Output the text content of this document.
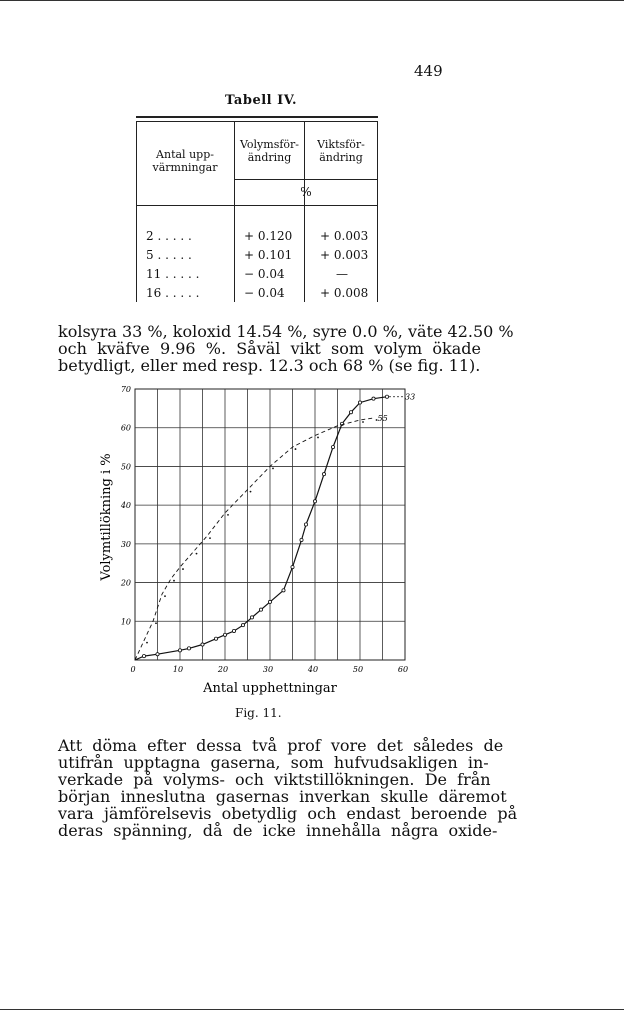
449
Tabell IV.
Antal upp-
värmningar
Volymsför-
ändring
Viktsför-
ändring
%
2 . . . . .	+ 0.120 + 0.003
5 . . . . .	+ 0.101 + 0.003
11 . . . . .	− 0.04	—
16 . . . . .	− 0.04	+ 0.008

kolsyra 33 %, koloxid 14.54 %, syre 0.0 %, väte 42.50 %
och  kväfve  9.96  %.  Såväl  vikt  som  volym  ökade
betydligt, eller med resp. 12.3 och 68 % (se fig. 11).

0	10	20	30	40	50	60
10
20
30
40
50
60
70
33
55
Volymtillökning i %
Antal upphettningar
Fig. 11.

Att  döma  efter  dessa  två  prof  vore  det  således  de
utifrån  upptagna  gaserna,  som  hufvudsakligen  in-
verkade  på  volyms-  och  viktstillökningen.  De  från
början  inneslutna  gasernas  inverkan  skulle  däremot
vara  jämförelsevis  obetydlig  och  endast  beroende  på
deras  spänning,  då  de  icke  innehålla  några  oxide-
